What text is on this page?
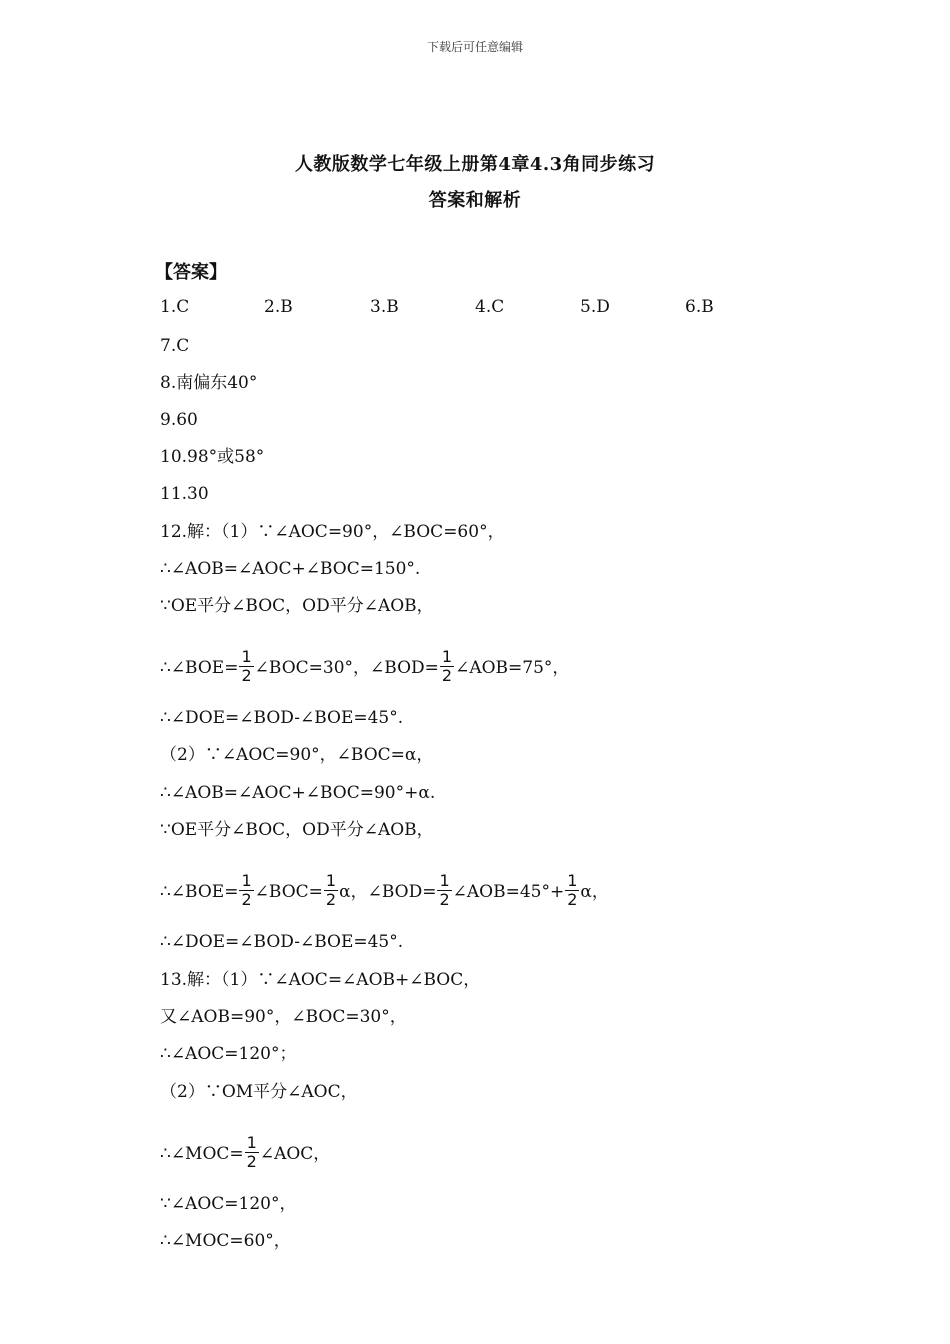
下载后可任意编辑
人教版数学七年级上册第4章4.3角同步练习
答案和解析
【答案】
1.C	2.B	3.B	4.C	5.D	6.B
7.C
8.南偏东40°
9.60
10.98°或58°
11.30
12.解：（1）∵∠AOC=90°，∠BOC=60°，
∴∠AOB=∠AOC+∠BOC=150°.
∵OE平分∠BOC，OD平分∠AOB，
∴∠BOE= $\frac{1}{2}$ ∠BOC=30°，∠BOD= $\frac{1}{2}$ ∠AOB=75°，
∴∠DOE=∠BOD-∠BOE=45°.
（2）∵∠AOC=90°，∠BOC=α，
∴∠AOB=∠AOC+∠BOC=90°+α.
∵OE平分∠BOC，OD平分∠AOB，
∴∠BOE= $\frac{1}{2}$ ∠BOC= $\frac{1}{2}$ α，∠BOD= $\frac{1}{2}$ ∠AOB=45°+ $\frac{1}{2}$ α，
∴∠DOE=∠BOD-∠BOE=45°.
13.解：（1）∵∠AOC=∠AOB+∠BOC，
又∠AOB=90°，∠BOC=30°，
∴∠AOC=120°；
（2）∵OM平分∠AOC，
∴∠MOC= $\frac{1}{2}$ ∠AOC，
∵∠AOC=120°，
∴∠MOC=60°，
